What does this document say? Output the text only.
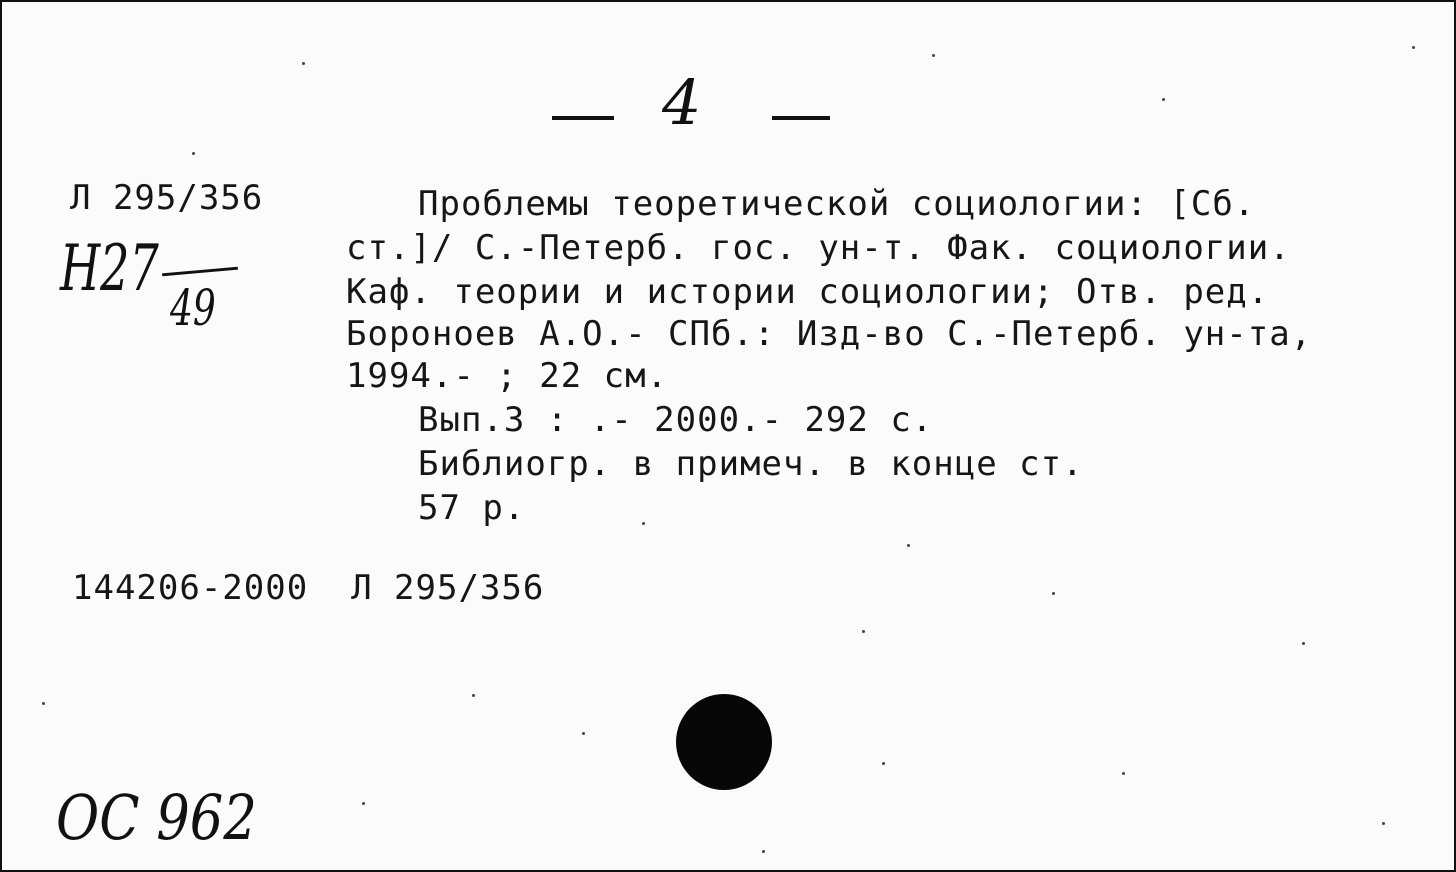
4
Л 295/356
H27
49
Проблемы теоретической социологии: [Сб.
ст.]/ С.-Петерб. гос. ун-т. Фак. социологии.
Каф. теории и истории социологии; Отв. ред.
Бороноев А.О.- СПб.: Изд-во С.-Петерб. ун-та,
1994.- ; 22 см.
Вып.3 : .- 2000.- 292 с.
Библиогр. в примеч. в конце ст.
57 р.
144206-2000  Л 295/356
ОС 962
